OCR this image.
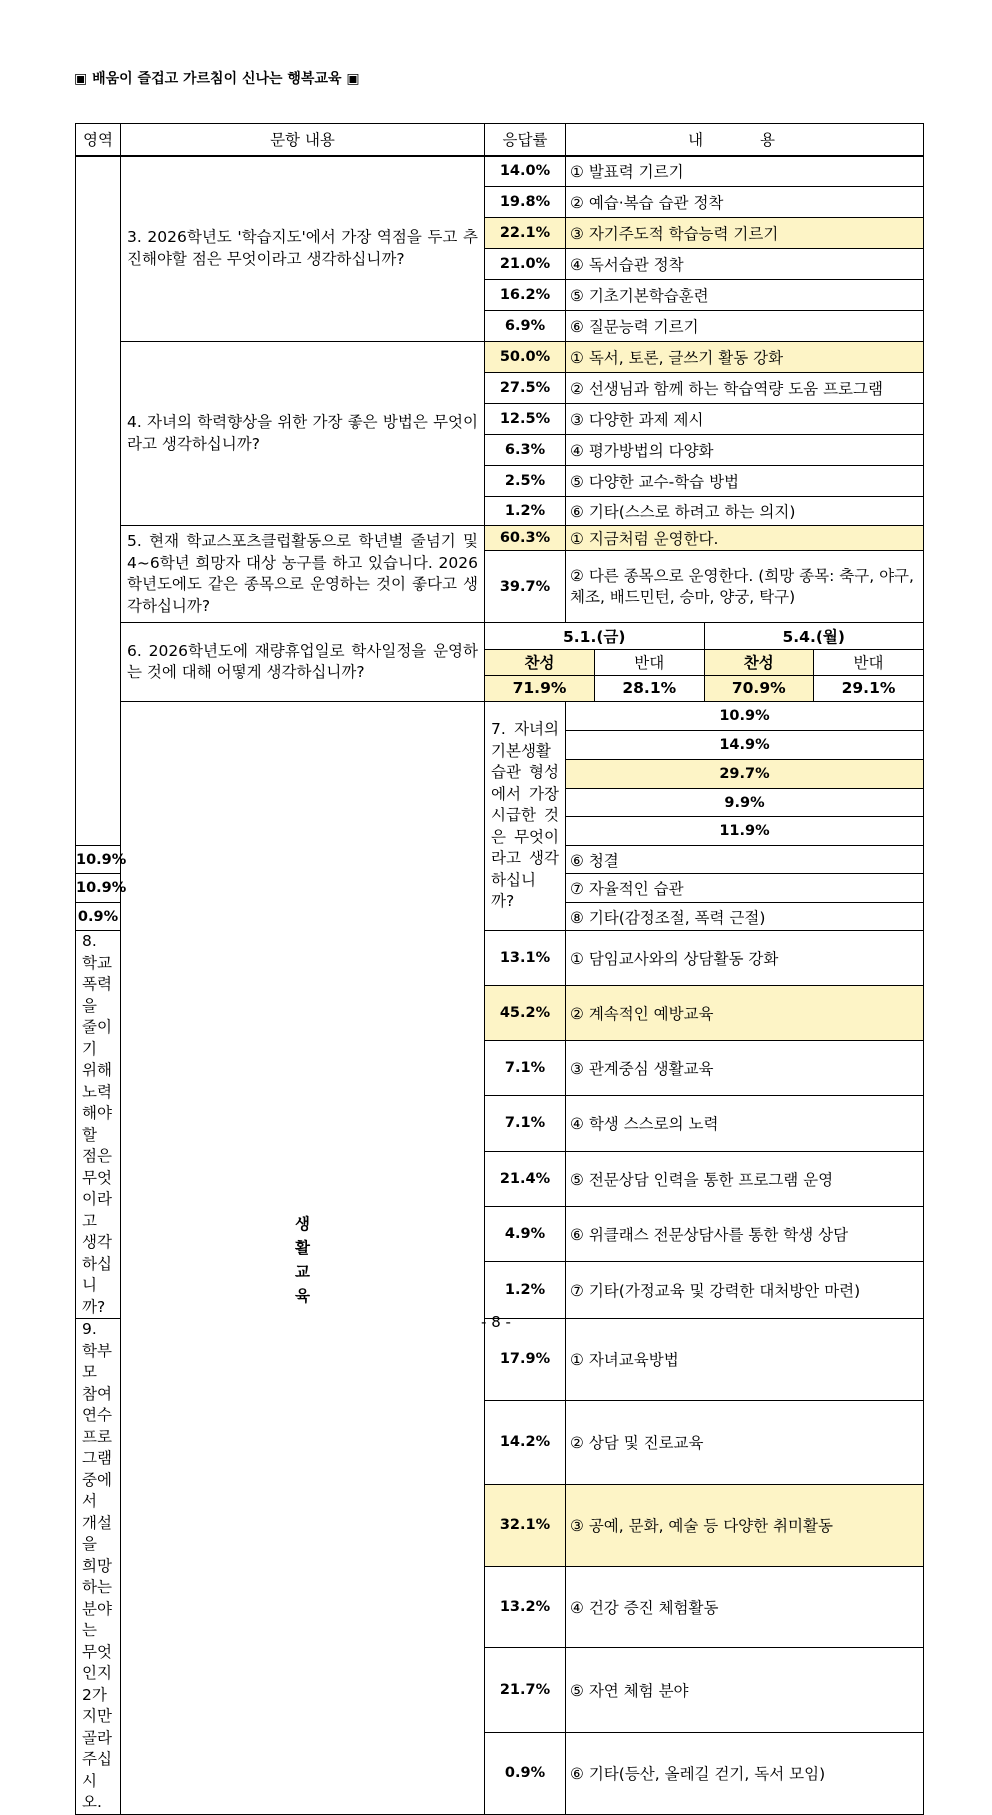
▣ 배움이 즐겁고 가르침이 신나는 행복교육 ▣
영역	문항 내용	응답률	내 용
	3. 2026학년도 '학습지도'에서 가장 역점을 두고 추진해야할 점은 무엇이라고 생각하십니까?	14.0%	① 발표력 기르기
19.8%	② 예습·복습 습관 정착
22.1%	③ 자기주도적 학습능력 기르기
21.0%	④ 독서습관 정착
16.2%	⑤ 기초기본학습훈련
6.9%	⑥ 질문능력 기르기
4. 자녀의 학력향상을 위한 가장 좋은 방법은 무엇이라고 생각하십니까?	50.0%	① 독서, 토론, 글쓰기 활동 강화
27.5%	② 선생님과 함께 하는 학습역량 도움 프로그램
12.5%	③ 다양한 과제 제시
6.3%	④ 평가방법의 다양화
2.5%	⑤ 다양한 교수-학습 방법
1.2%	⑥ 기타(스스로 하려고 하는 의지)
5. 현재 학교스포츠클럽활동으로 학년별 줄넘기 및 4~6학년 희망자 대상 농구를 하고 있습니다. 2026학년도에도 같은 종목으로 운영하는 것이 좋다고 생각하십니까?	60.3%	① 지금처럼 운영한다.
39.7%	② 다른 종목으로 운영한다. (희망 종목: 축구, 야구, 체조, 배드민턴, 승마, 양궁, 탁구)
6. 2026학년도에 재량휴업일로 학사일정을 운영하는 것에 대해 어떻게 생각하십니까?	
5.1.(금)	5.4.(월)
찬성	반대	찬성	반대
71.9%	28.1%	70.9%	29.1%

생활교육	7. 자녀의 기본생활습관 형성에서 가장 시급한 것은 무엇이라고 생각하십니까?	10.9%	
14.9%	
29.7%	
9.9%	
11.9%	
10.9%	⑥ 청결
10.9%	⑦ 자율적인 습관
0.9%	⑧ 기타(감정조절, 폭력 근절)
8. 학교폭력을 줄이기 위해 노력해야 할 점은 무엇이라고 생각하십니까?	13.1%	① 담임교사와의 상담활동 강화
45.2%	② 계속적인 예방교육
7.1%	③ 관계중심 생활교육
7.1%	④ 학생 스스로의 노력
21.4%	⑤ 전문상담 인력을 통한 프로그램 운영
4.9%	⑥ 위클래스 전문상담사를 통한 학생 상담
1.2%	⑦ 기타(가정교육 및 강력한 대처방안 마련)
9. 학부모 참여 연수 프로그램 중에서 개설을 희망하는 분야는 무엇인지 2가지만 골라 주십시오.	17.9%	① 자녀교육방법
14.2%	② 상담 및 진로교육
32.1%	③ 공예, 문화, 예술 등 다양한 취미활동
13.2%	④ 건강 증진 체험활동
21.7%	⑤ 자연 체험 분야
0.9%	⑥ 기타(등산, 올레길 걷기, 독서 모임)
- 8 -
